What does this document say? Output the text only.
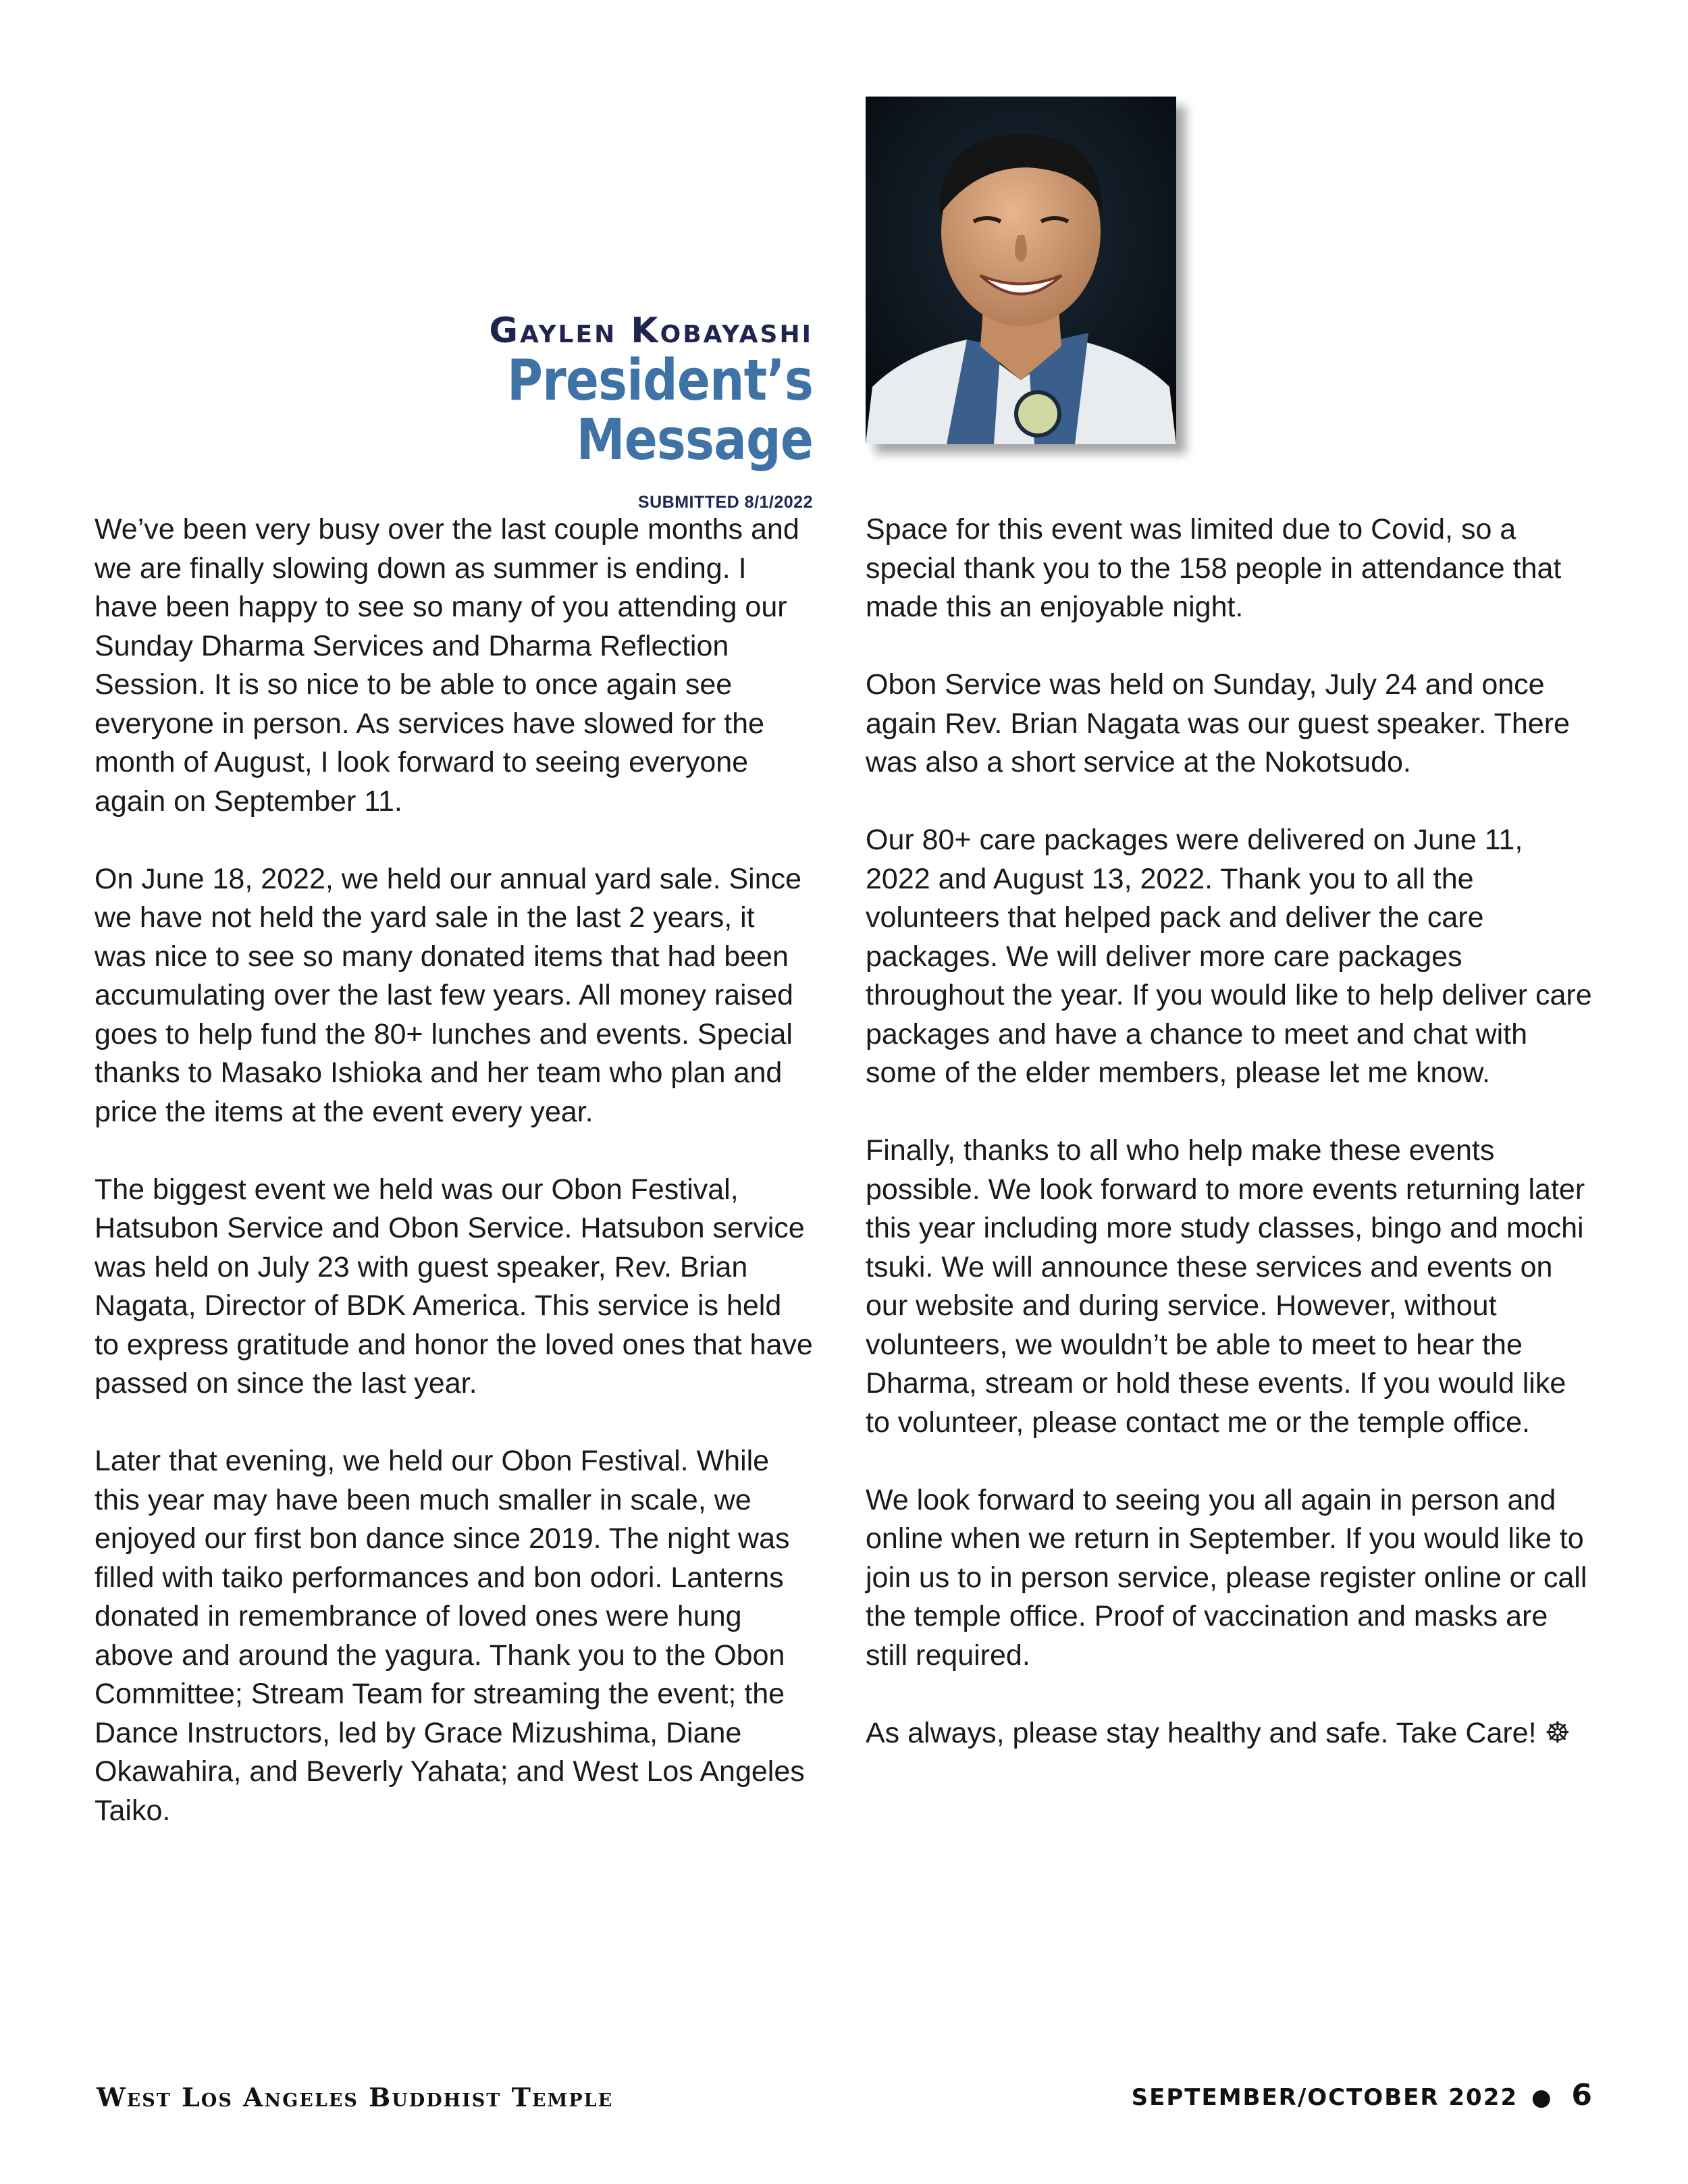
Gaylen Kobayashi
President’s Message
SUBMITTED 8/1/2022

We’ve been very busy over the last couple months and we are finally slowing down as summer is ending. I have been happy to see so many of you attending our Sunday Dharma Services and Dharma Reflection Session. It is so nice to be able to once again see everyone in person. As services have slowed for the month of August, I look forward to seeing everyone again on September 11.

On June 18, 2022, we held our annual yard sale. Since we have not held the yard sale in the last 2 years, it was nice to see so many donated items that had been accumulating over the last few years. All money raised goes to help fund the 80+ lunches and events. Special thanks to Masako Ishioka and her team who plan and price the items at the event every year.

The biggest event we held was our Obon Festival, Hatsubon Service and Obon Service. Hatsubon service was held on July 23 with guest speaker, Rev. Brian Nagata, Director of BDK America. This service is held to express gratitude and honor the loved ones that have passed on since the last year.

Later that evening, we held our Obon Festival. While this year may have been much smaller in scale, we enjoyed our first bon dance since 2019. The night was filled with taiko performances and bon odori. Lanterns donated in remembrance of loved ones were hung above and around the yagura. Thank you to the Obon Committee; Stream Team for streaming the event; the Dance Instructors, led by Grace Mizushima, Diane Okawahira, and Beverly Yahata; and West Los Angeles Taiko.

Space for this event was limited due to Covid, so a special thank you to the 158 people in attendance that made this an enjoyable night.

Obon Service was held on Sunday, July 24 and once again Rev. Brian Nagata was our guest speaker. There was also a short service at the Nokotsudo.

Our 80+ care packages were delivered on June 11, 2022 and August 13, 2022. Thank you to all the volunteers that helped pack and deliver the care packages. We will deliver more care packages throughout the year. If you would like to help deliver care packages and have a chance to meet and chat with some of the elder members, please let me know.

Finally, thanks to all who help make these events possible. We look forward to more events returning later this year including more study classes, bingo and mochi tsuki. We will announce these services and events on our website and during service. However, without volunteers, we wouldn’t be able to meet to hear the Dharma, stream or hold these events. If you would like to volunteer, please contact me or the temple office.

We look forward to seeing you all again in person and online when we return in September. If you would like to join us to in person service, please register online or call the temple office. Proof of vaccination and masks are still required.

As always, please stay healthy and safe. Take Care! ☸

West Los Angeles Buddhist Temple	SEPTEMBER/OCTOBER 2022 ● 6
